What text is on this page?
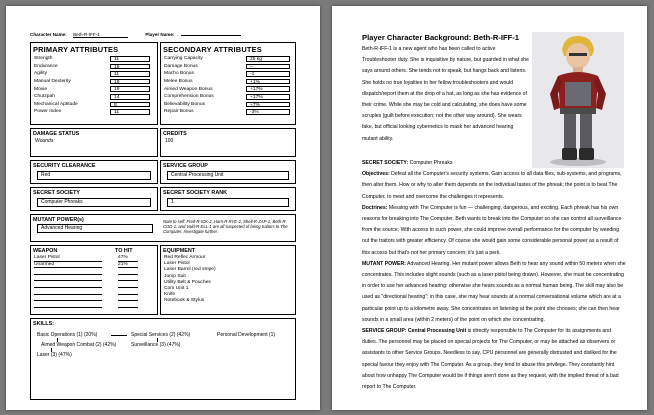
Character Name: Beth-R-IFF-1	Player Name:
PRIMARY ATTRIBUTES
Strength	11
Endurance	15
Agility	11
Manual Dexterity	18
Moxie	19
Chutzpah	14
Mechanical Aptitude	8
Power Index	11
SECONDARY ATTRIBUTES
Carrying Capacity	25 kg
Damage Bonus	–
Macho Bonus	-1
Melee Bonus	+1%
Aimed Weapon Bonus	+17%
Comprehension Bonus	+17%
Believability Bonus	+7%
Repair Bonus	-3%
DAMAGE STATUS
Wounds:
CREDITS
100
SECURITY CLEARANCE
Red
SERVICE GROUP
Central Processing Unit
SECRET SOCIETY
Computer Phreaks
SECRET SOCIETY RANK
1
MUTANT POWER(s)
Advanced Hearing
Note to self: Fred-R-ICK-2, Ham-R-RYE-2, Shell-R-ZAP-1, Beth-R-COD-1, and Vald-R-ELL-1 are all suspected of being traitors to The Computer. Investigate further.
WEAPON	TO HIT
Laser Pistol	47%
Unarmed	21%
EQUIPMENT
Red Reflec Armour
Laser Pistol
Laser Barrel (red stripe)
Jump Suit
Utility Belt & Pouches
Com Unit 1
Knife
Notebook & Stylus
SKILLS:
Basic Operations (1) (20%)	Special Services (2) (42%)	Personal Development (1)
Aimed Weapon Combat (2) (42%)	Surveillance (3) (47%)
Laser (3) (47%)
Player Character Background: Beth-R-IFF-1

Beth-R-IFF-1 is a new agent who has been called to active Troubleshooter duty. She is inquisitive by nature, but guarded in what she says around others. She tends not to speak, but hangs back and listens. She holds no true loyalties to her fellow troubleshooters and would dispatch/report them at the drop of a hat, as long as she has evidence of their crime. While she may be cold and calculating, she does have some scruples (guilt before execution; not the other way around). She wears fake, but official looking cybernetics to mask her advanced hearing mutant ability.

SECRET SOCIETY: Computer Phreaks

Objectives: Defeat all the Computer's security systems. Gain access to all data files, sub-systems, and programs, then alter them. How or why to alter them depends on the individual tastes of the phreak; the point is to beat The Computer, to meet and overcome the challenges it represents.

Doctrines: Messing with The Computer is fun — challenging, dangerous, and exciting. Each phreak has his own reasons for breaking into The Computer. Beth wants to break into the Computer so she can control all surveillance from the source. With access to such power, she could improve overall performance for the computer by weeding out the traitors with greater efficiency. Of course she would gain some considerable personal power as a result of this access but that's not her primary concern; it's just a perk.

MUTANT POWER: Advanced Hearing. Her mutant power allows Beth to hear any sound within 50 meters when she concentrates. This includes slight sounds (such as a laser pistol being drawn). However, she must be concentrating in order to use her advanced hearing: otherwise she hears sounds as a normal human being. The skill may also be used as "directional hearing"; in this case, she may hear sounds at a normal conversational volume which are at a particular point up to a kilometre away. She concentrates on listening at the point she chooses; she can then hear sounds in a small area (within 2 meters) of the point on which she concentrating.

SERVICE GROUP: Central Processing Unit is directly responsible to The Computer for its assignments and duties. The personnel may be placed on special projects for The Computer, or may be attached as observers or assistants to other Service Groups. Needless to say, CPU personnel are generally distrusted and disliked for the special favour they enjoy with The Computer. As a group, they tend to abuse this privilege. They constantly hint about how unhappy The Computer would be if things aren't done as they request, with the implied threat of a bad report to The Computer.
